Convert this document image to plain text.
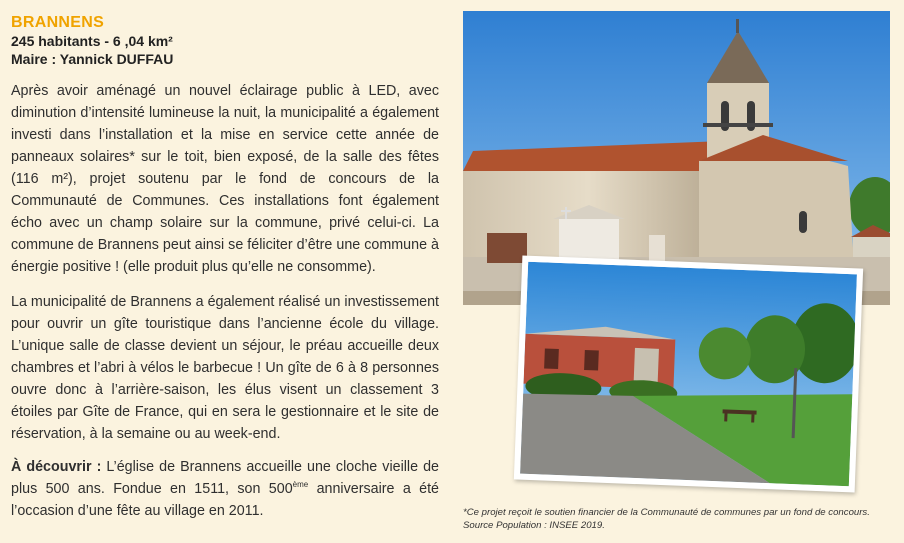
BRANNENS
245 habitants - 6 ,04 km²
Maire : Yannick DUFFAU

Après avoir aménagé un nouvel éclairage public à LED, avec diminution d’intensité lumineuse la nuit, la municipalité a également investi dans l’installation et la mise en service cette année de panneaux solaires* sur le toit, bien exposé, de la salle des fêtes (116 m²), projet soutenu par le fond de concours de la Communauté de Communes. Ces installations font également écho avec un champ solaire sur la commune, privé celui-ci. La commune de Brannens peut ainsi se féliciter d’être une commune à énergie positive ! (elle produit plus qu’elle ne consomme).

La municipalité de Brannens a également réalisé un investissement pour ouvrir un gîte touristique dans l’ancienne école du village. L’unique salle de classe devient un séjour, le préau accueille deux chambres et l’abri à vélos le barbecue ! Un gîte de 6 à 8 personnes ouvre donc à l’arrière-saison, les élus visent un classement 3 étoiles par Gîte de France, qui en sera le gestionnaire et le site de réservation, à la semaine ou au week-end.

À découvrir : L’église de Brannens accueille une cloche vieille de plus 500 ans. Fondue en 1511, son 500ème anniversaire a été l’occasion d’une fête au village en 2011.	*Ce projet reçoit le soutien financier de la Communauté de communes par un fond de concours. Source Population : INSEE 2019.
